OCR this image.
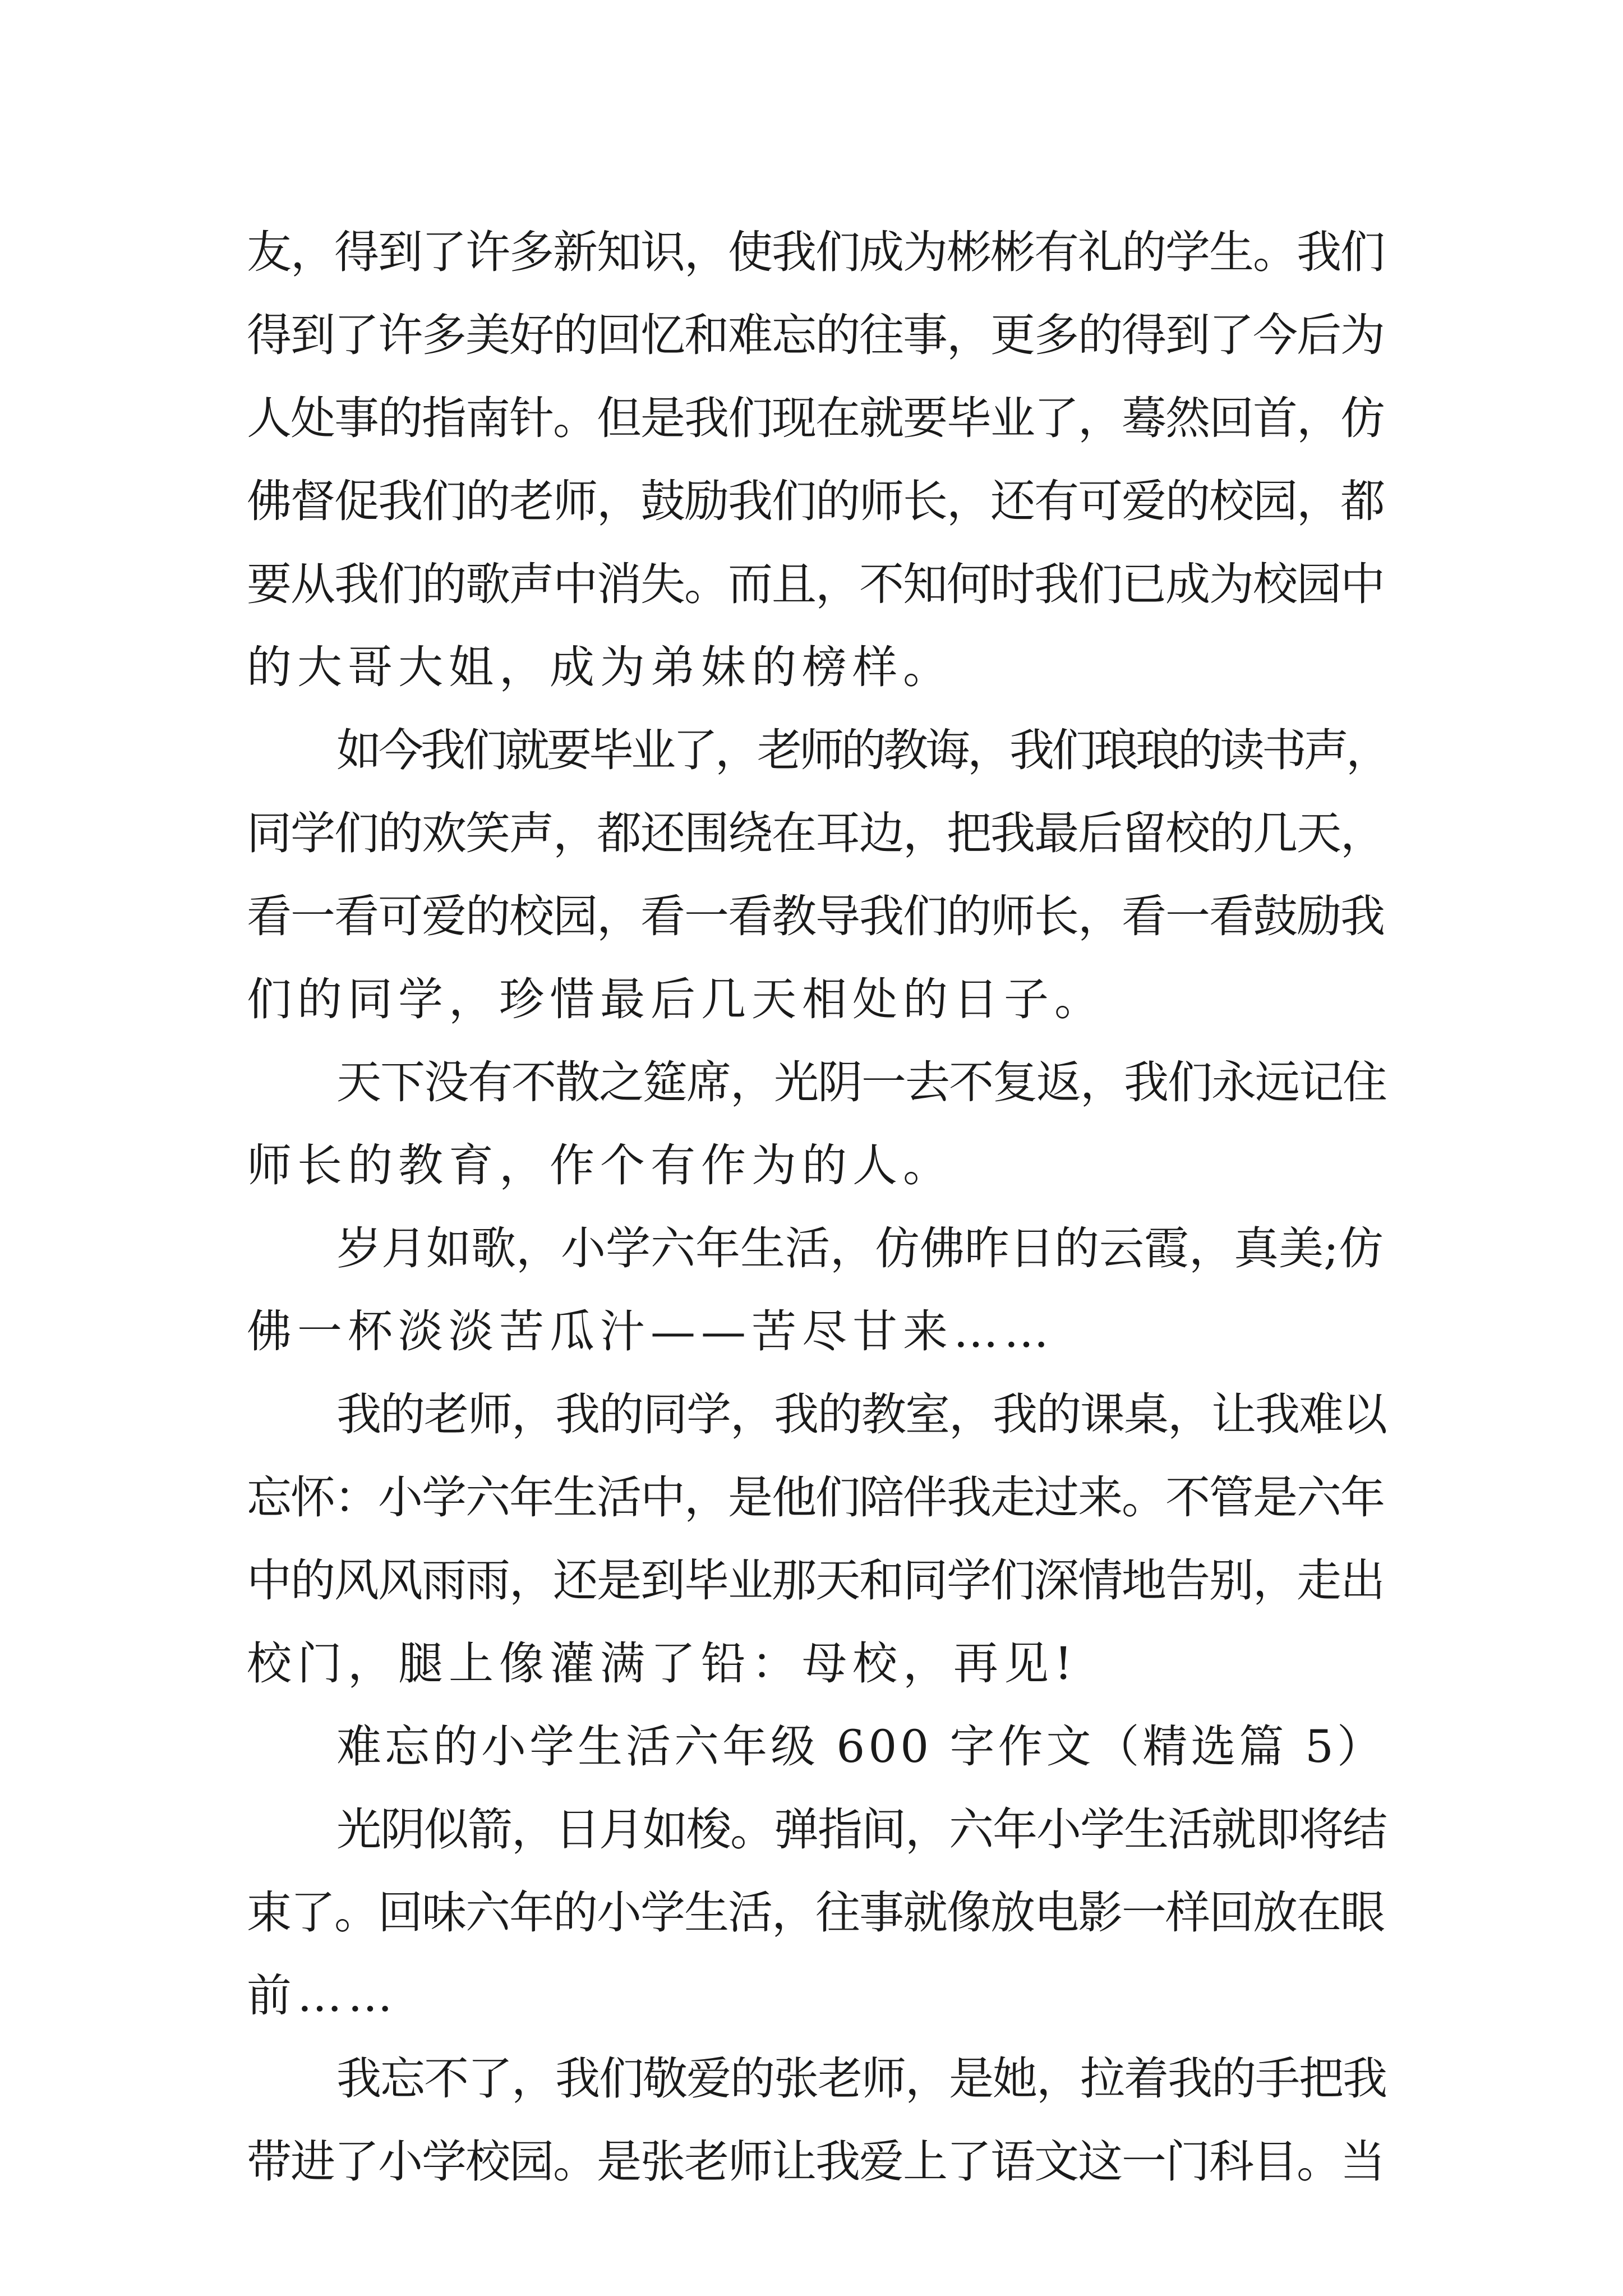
友，得到了许多新知识，使我们成为彬彬有礼的学生。我们
得到了许多美好的回忆和难忘的往事，更多的得到了今后为
人处事的指南针。但是我们现在就要毕业了，蓦然回首，仿
佛督促我们的老师，鼓励我们的师长，还有可爱的校园，都
要从我们的歌声中消失。而且，不知何时我们已成为校园中
的大哥大姐，成为弟妹的榜样。
如今我们就要毕业了，老师的教诲，我们琅琅的读书声，
同学们的欢笑声，都还围绕在耳边，把我最后留校的几天，
看一看可爱的校园，看一看教导我们的师长，看一看鼓励我
们的同学，珍惜最后几天相处的日子。
天下没有不散之筵席，光阴一去不复返，我们永远记住
师长的教育，作个有作为的人。
岁月如歌，小学六年生活，仿佛昨日的云霞，真美;仿
佛一杯淡淡苦瓜汁——苦尽甘来……
我的老师，我的同学，我的教室，我的课桌，让我难以
忘怀：小学六年生活中，是他们陪伴我走过来。不管是六年
中的风风雨雨，还是到毕业那天和同学们深情地告别，走出
校门，腿上像灌满了铅：母校，再见!
难忘的小学生活六年级 600 字作文（精选篇 5）
光阴似箭，日月如梭。弹指间，六年小学生活就即将结
束了。回味六年的小学生活，往事就像放电影一样回放在眼
前……
我忘不了，我们敬爱的张老师，是她，拉着我的手把我
带进了小学校园。是张老师让我爱上了语文这一门科目。当
